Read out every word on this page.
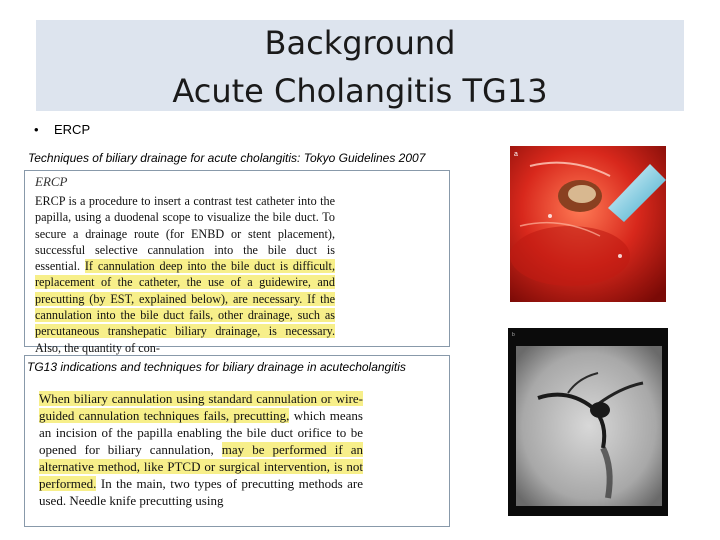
Background
Acute Cholangitis TG13
• ERCP
Techniques of biliary drainage for acute cholangitis: Tokyo Guidelines 2007
ERCP
ERCP is a procedure to insert a contrast test catheter into the papilla, using a duodenal scope to visualize the bile duct. To secure a drainage route (for ENBD or stent placement), successful selective cannulation into the bile duct is essential. If cannulation deep into the bile duct is difficult, replacement of the catheter, the use of a guidewire, and precutting (by EST, explained below), are necessary. If the cannulation into the bile duct fails, other drainage, such as percutaneous transhepatic biliary drainage, is necessary. Also, the quantity of con-
TG13 indications and techniques for biliary drainage in acutecholangitis
When biliary cannulation using standard cannulation or wire-guided cannulation techniques fails, precutting, which means an incision of the papilla enabling the bile duct orifice to be opened for biliary cannulation, may be performed if an alternative method, like PTCD or surgical intervention, is not performed. In the main, two types of precutting methods are used. Needle knife precutting using
a
b
